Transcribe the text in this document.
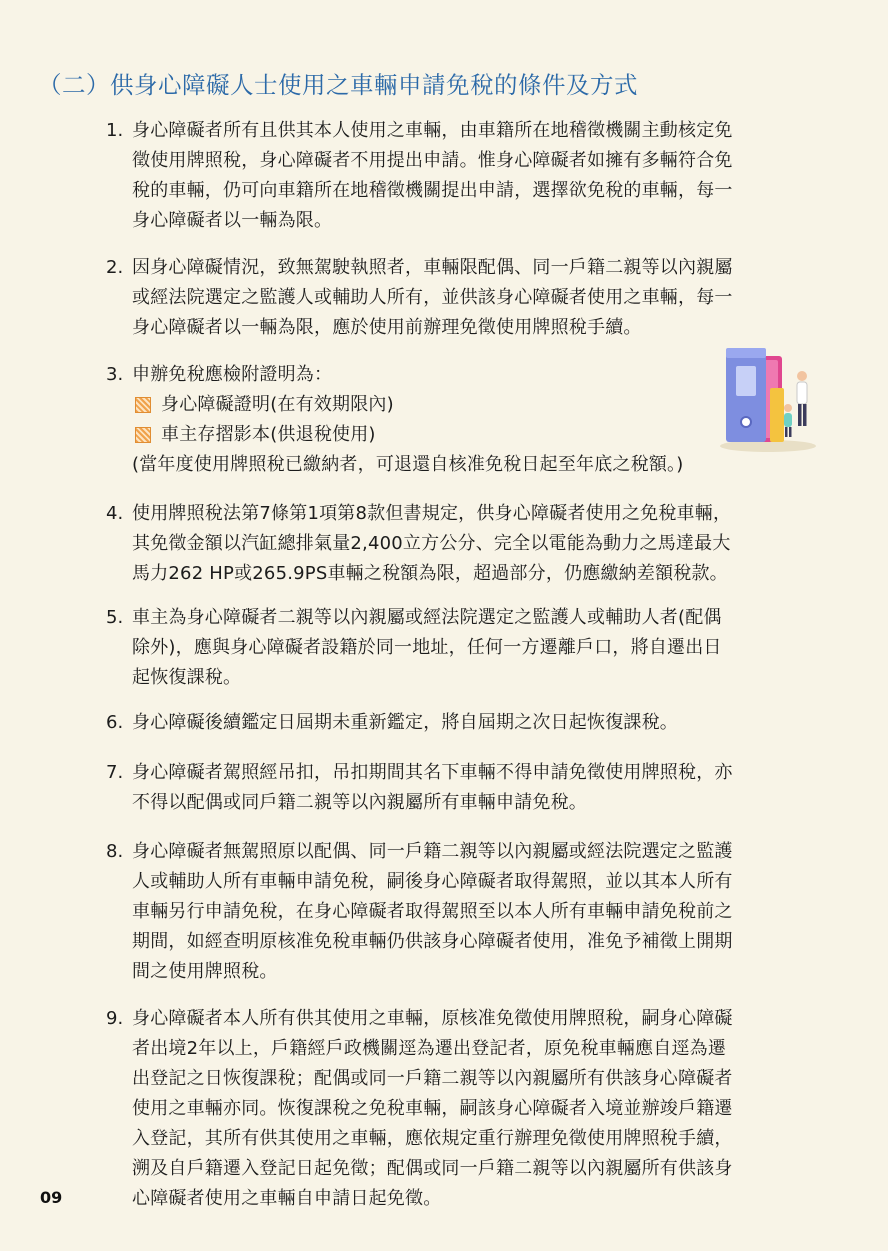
（二）供身心障礙人士使用之車輛申請免稅的條件及方式
1. 身心障礙者所有且供其本人使用之車輛，由車籍所在地稽徵機關主動核定免
徵使用牌照稅，身心障礙者不用提出申請。惟身心障礙者如擁有多輛符合免
稅的車輛，仍可向車籍所在地稽徵機關提出申請，選擇欲免稅的車輛，每一
身心障礙者以一輛為限。
2. 因身心障礙情況，致無駕駛執照者，車輛限配偶、同一戶籍二親等以內親屬
或經法院選定之監護人或輔助人所有，並供該身心障礙者使用之車輛，每一
身心障礙者以一輛為限，應於使用前辦理免徵使用牌照稅手續。
3. 申辦免稅應檢附證明為：
身心障礙證明(在有效期限內)
車主存摺影本(供退稅使用)
(當年度使用牌照稅已繳納者，可退還自核准免稅日起至年底之稅額。)
4. 使用牌照稅法第7條第1項第8款但書規定，供身心障礙者使用之免稅車輛，
其免徵金額以汽缸總排氣量2,400立方公分、完全以電能為動力之馬達最大
馬力262 HP或265.9PS車輛之稅額為限，超過部分，仍應繳納差額稅款。
5. 車主為身心障礙者二親等以內親屬或經法院選定之監護人或輔助人者(配偶
除外)，應與身心障礙者設籍於同一地址，任何一方遷離戶口，將自遷出日
起恢復課稅。
6. 身心障礙後續鑑定日屆期未重新鑑定，將自屆期之次日起恢復課稅。
7. 身心障礙者駕照經吊扣，吊扣期間其名下車輛不得申請免徵使用牌照稅，亦
不得以配偶或同戶籍二親等以內親屬所有車輛申請免稅。
8. 身心障礙者無駕照原以配偶、同一戶籍二親等以內親屬或經法院選定之監護
人或輔助人所有車輛申請免稅，嗣後身心障礙者取得駕照，並以其本人所有
車輛另行申請免稅，在身心障礙者取得駕照至以本人所有車輛申請免稅前之
期間，如經查明原核准免稅車輛仍供該身心障礙者使用，准免予補徵上開期
間之使用牌照稅。
9. 身心障礙者本人所有供其使用之車輛，原核准免徵使用牌照稅，嗣身心障礙
者出境2年以上，戶籍經戶政機關逕為遷出登記者，原免稅車輛應自逕為遷
出登記之日恢復課稅；配偶或同一戶籍二親等以內親屬所有供該身心障礙者
使用之車輛亦同。恢復課稅之免稅車輛，嗣該身心障礙者入境並辦竣戶籍遷
入登記，其所有供其使用之車輛，應依規定重行辦理免徵使用牌照稅手續，
溯及自戶籍遷入登記日起免徵；配偶或同一戶籍二親等以內親屬所有供該身
心障礙者使用之車輛自申請日起免徵。
09
